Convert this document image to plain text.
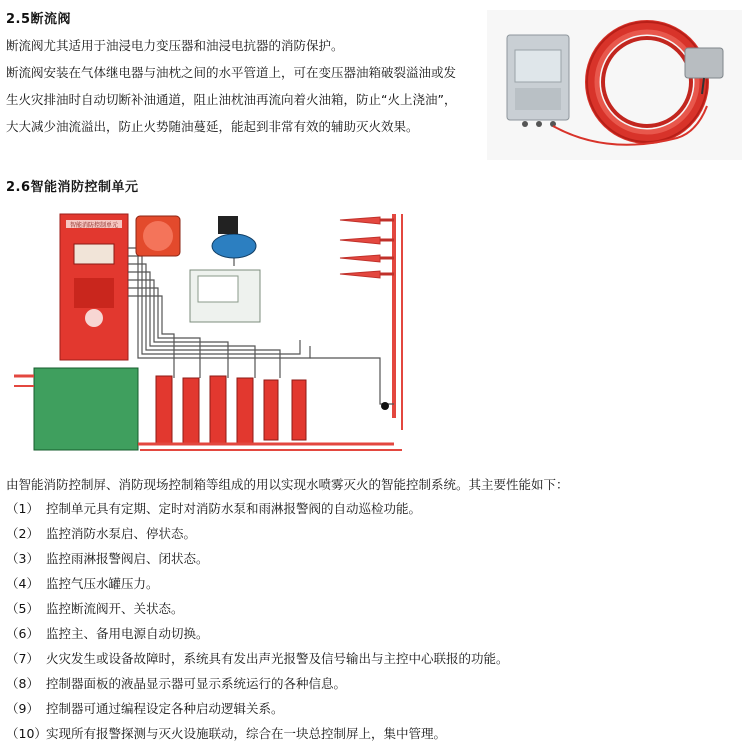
2.5断流阀
断流阀尤其适用于油浸电力变压器和油浸电抗器的消防保护。
断流阀安装在气体继电器与油枕之间的水平管道上，可在变压器油箱破裂溢油或发
生火灾排油时自动切断补油通道，阻止油枕油再流向着火油箱，防止“火上浇油”，
大大减少油流溢出，防止火势随油蔓延，能起到非常有效的辅助灭火效果。
2.6智能消防控制单元
智能消防控制单元
由智能消防控制屏、消防现场控制箱等组成的用以实现水喷雾灭火的智能控制系统。其主要性能如下：
（1） 控制单元具有定期、定时对消防水泵和雨淋报警阀的自动巡检功能。
（2） 监控消防水泵启、停状态。
（3） 监控雨淋报警阀启、闭状态。
（4） 监控气压水罐压力。
（5） 监控断流阀开、关状态。
（6） 监控主、备用电源自动切换。
（7） 火灾发生或设备故障时，系统具有发出声光报警及信号输出与主控中心联报的功能。
（8） 控制器面板的液晶显示器可显示系统运行的各种信息。
（9） 控制器可通过编程设定各种启动逻辑关系。
（10）实现所有报警探测与灭火设施联动，综合在一块总控制屏上，集中管理。
